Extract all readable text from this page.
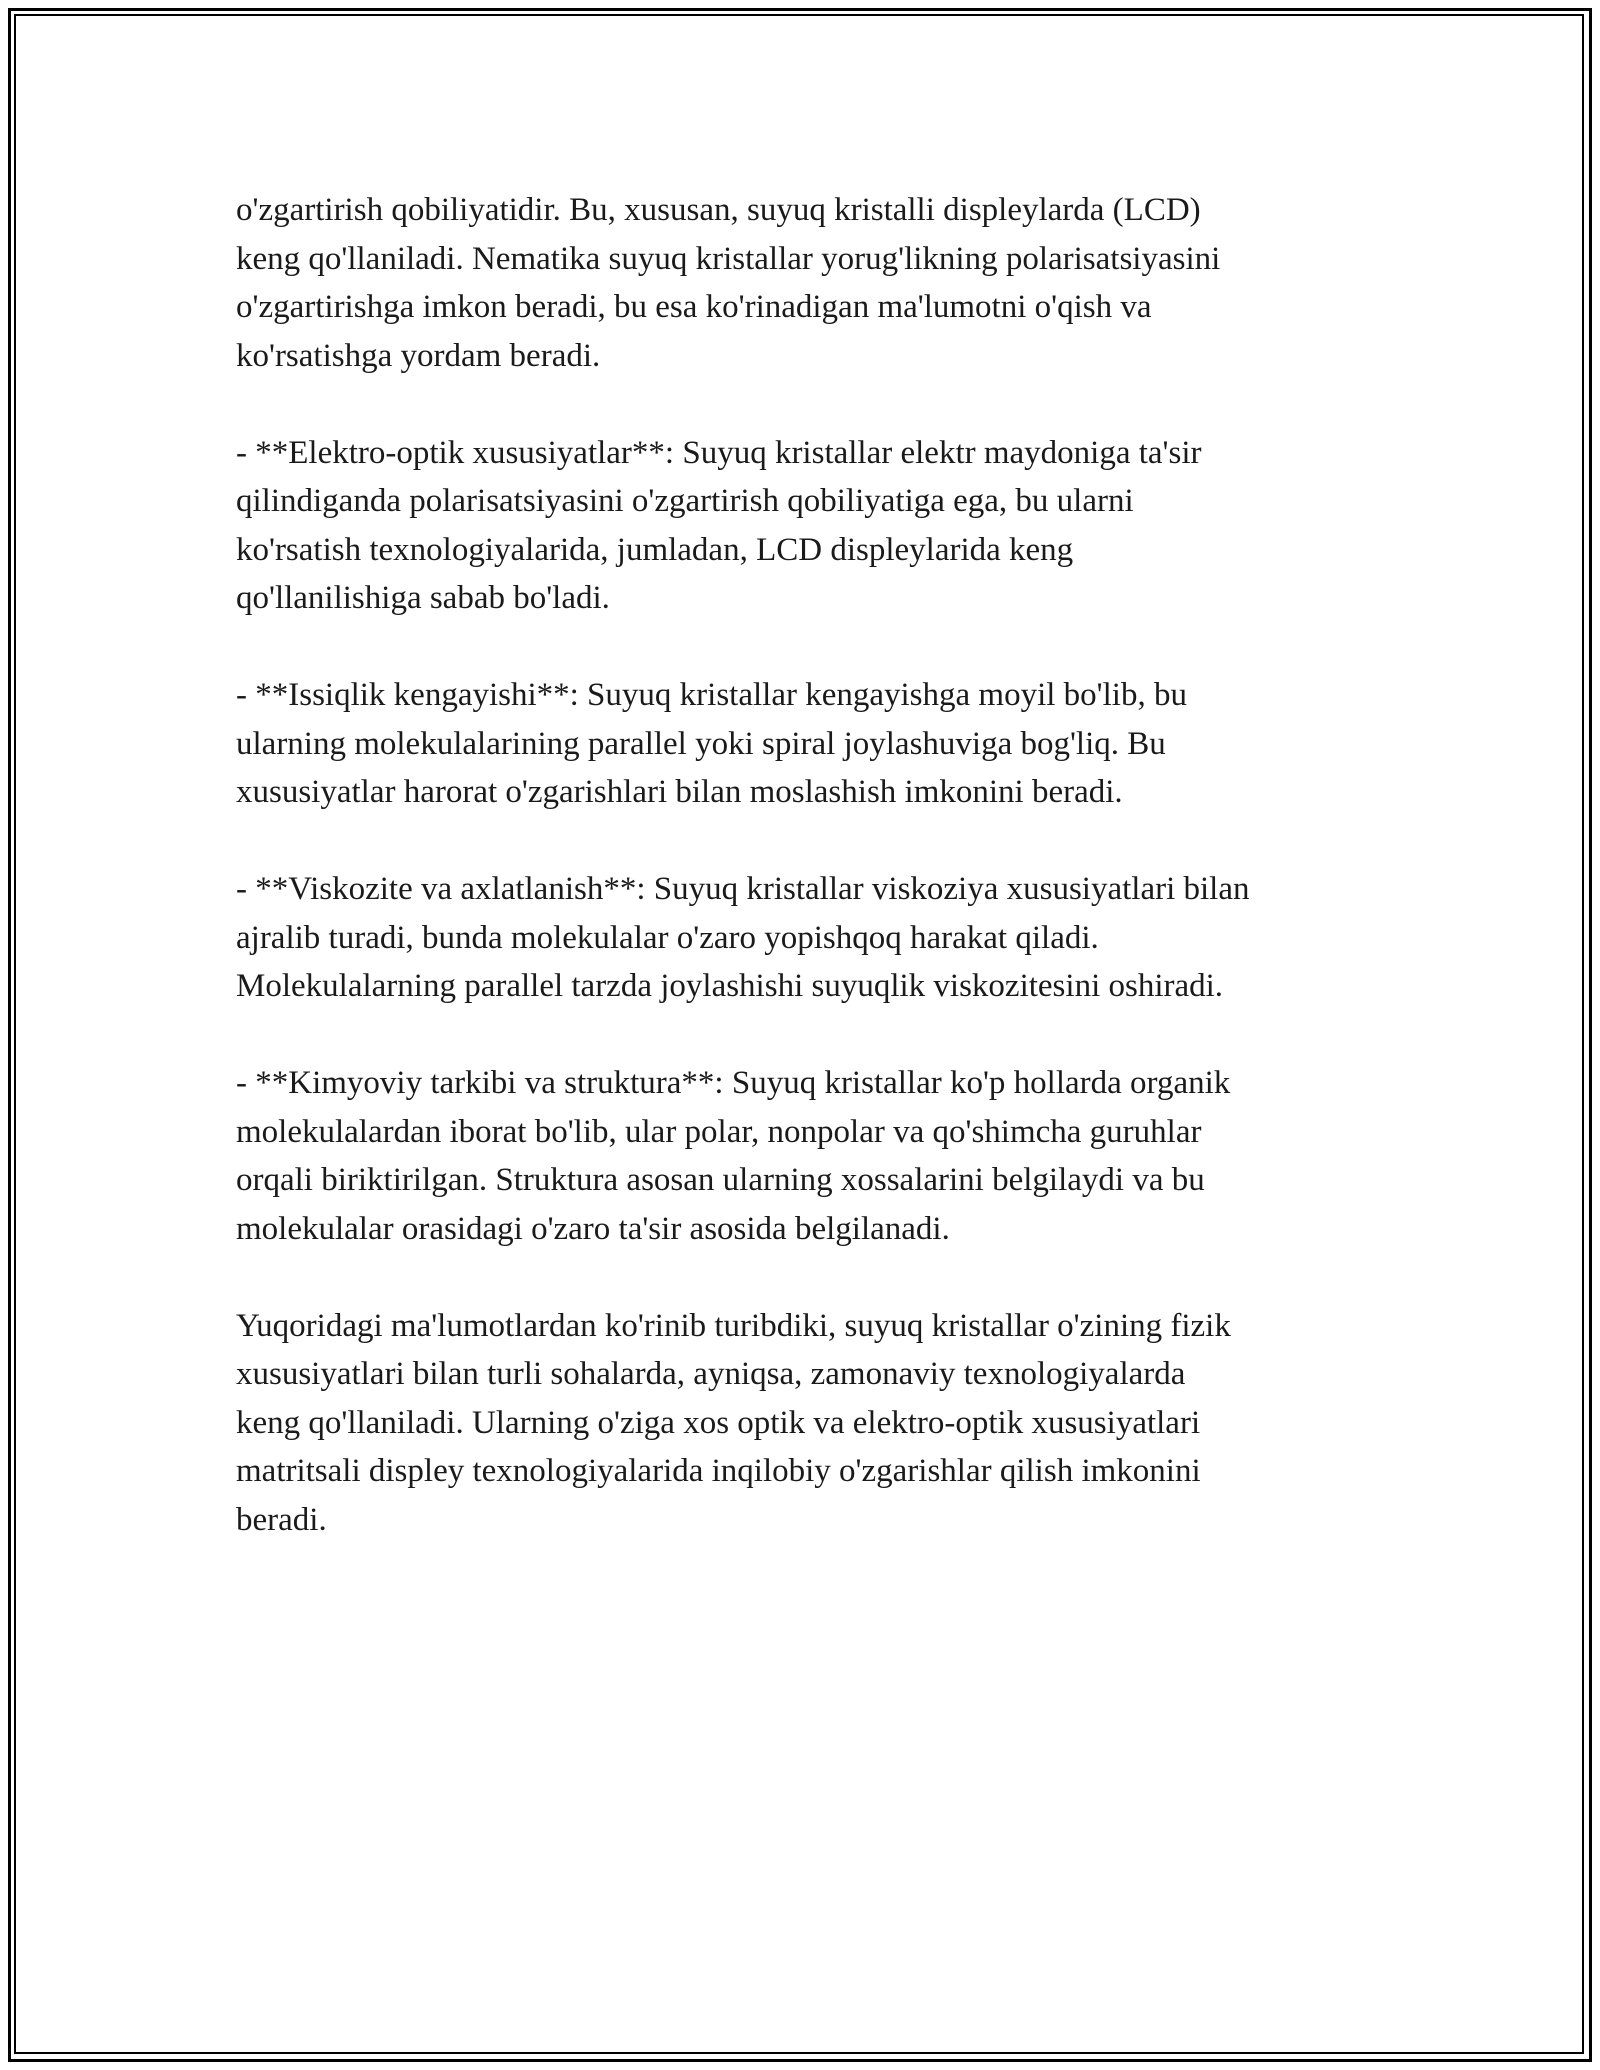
o'zgartirish qobiliyatidir. Bu, xususan, suyuq kristalli displeylarda (LCD)
keng qo'llaniladi. Nematika suyuq kristallar yorug'likning polarisatsiyasini
o'zgartirishga imkon beradi, bu esa ko'rinadigan ma'lumotni o'qish va
ko'rsatishga yordam beradi.

- **Elektro-optik xususiyatlar**: Suyuq kristallar elektr maydoniga ta'sir
qilindiganda polarisatsiyasini o'zgartirish qobiliyatiga ega, bu ularni
ko'rsatish texnologiyalarida, jumladan, LCD displeylarida keng
qo'llanilishiga sabab bo'ladi.

- **Issiqlik kengayishi**: Suyuq kristallar kengayishga moyil bo'lib, bu
ularning molekulalarining parallel yoki spiral joylashuviga bog'liq. Bu
xususiyatlar harorat o'zgarishlari bilan moslashish imkonini beradi.

- **Viskozite va axlatlanish**: Suyuq kristallar viskoziya xususiyatlari bilan
ajralib turadi, bunda molekulalar o'zaro yopishqoq harakat qiladi.
Molekulalarning parallel tarzda joylashishi suyuqlik viskozitesini oshiradi.

- **Kimyoviy tarkibi va struktura**: Suyuq kristallar ko'p hollarda organik
molekulalardan iborat bo'lib, ular polar, nonpolar va qo'shimcha guruhlar
orqali biriktirilgan. Struktura asosan ularning xossalarini belgilaydi va bu
molekulalar orasidagi o'zaro ta'sir asosida belgilanadi.

Yuqoridagi ma'lumotlardan ko'rinib turibdiki, suyuq kristallar o'zining fizik
xususiyatlari bilan turli sohalarda, ayniqsa, zamonaviy texnologiyalarda
keng qo'llaniladi. Ularning o'ziga xos optik va elektro-optik xususiyatlari
matritsali displey texnologiyalarida inqilobiy o'zgarishlar qilish imkonini
beradi.
